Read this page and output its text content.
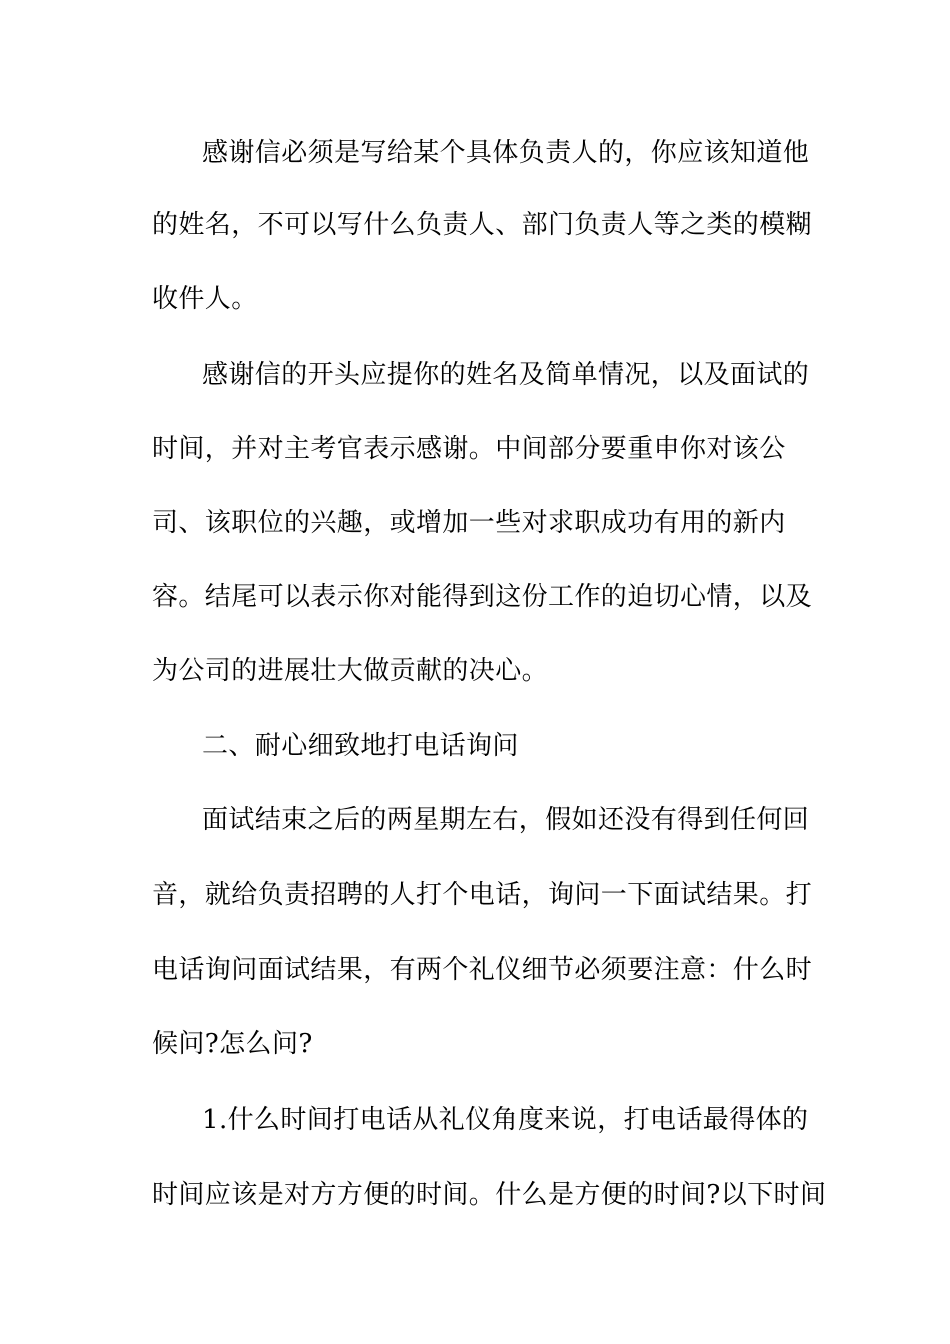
感谢信必须是写给某个具体负责人的，你应该知道他
的姓名，不可以写什么负责人、部门负责人等之类的模糊
收件人。
感谢信的开头应提你的姓名及简单情况，以及面试的
时间，并对主考官表示感谢。中间部分要重申你对该公
司、该职位的兴趣，或增加一些对求职成功有用的新内
容。结尾可以表示你对能得到这份工作的迫切心情，以及
为公司的进展壮大做贡献的决心。
二、耐心细致地打电话询问
面试结束之后的两星期左右，假如还没有得到任何回
音，就给负责招聘的人打个电话，询问一下面试结果。打
电话询问面试结果，有两个礼仪细节必须要注意：什么时
候问?怎么问?
1.什么时间打电话从礼仪角度来说，打电话最得体的
时间应该是对方方便的时间。什么是方便的时间?以下时间
